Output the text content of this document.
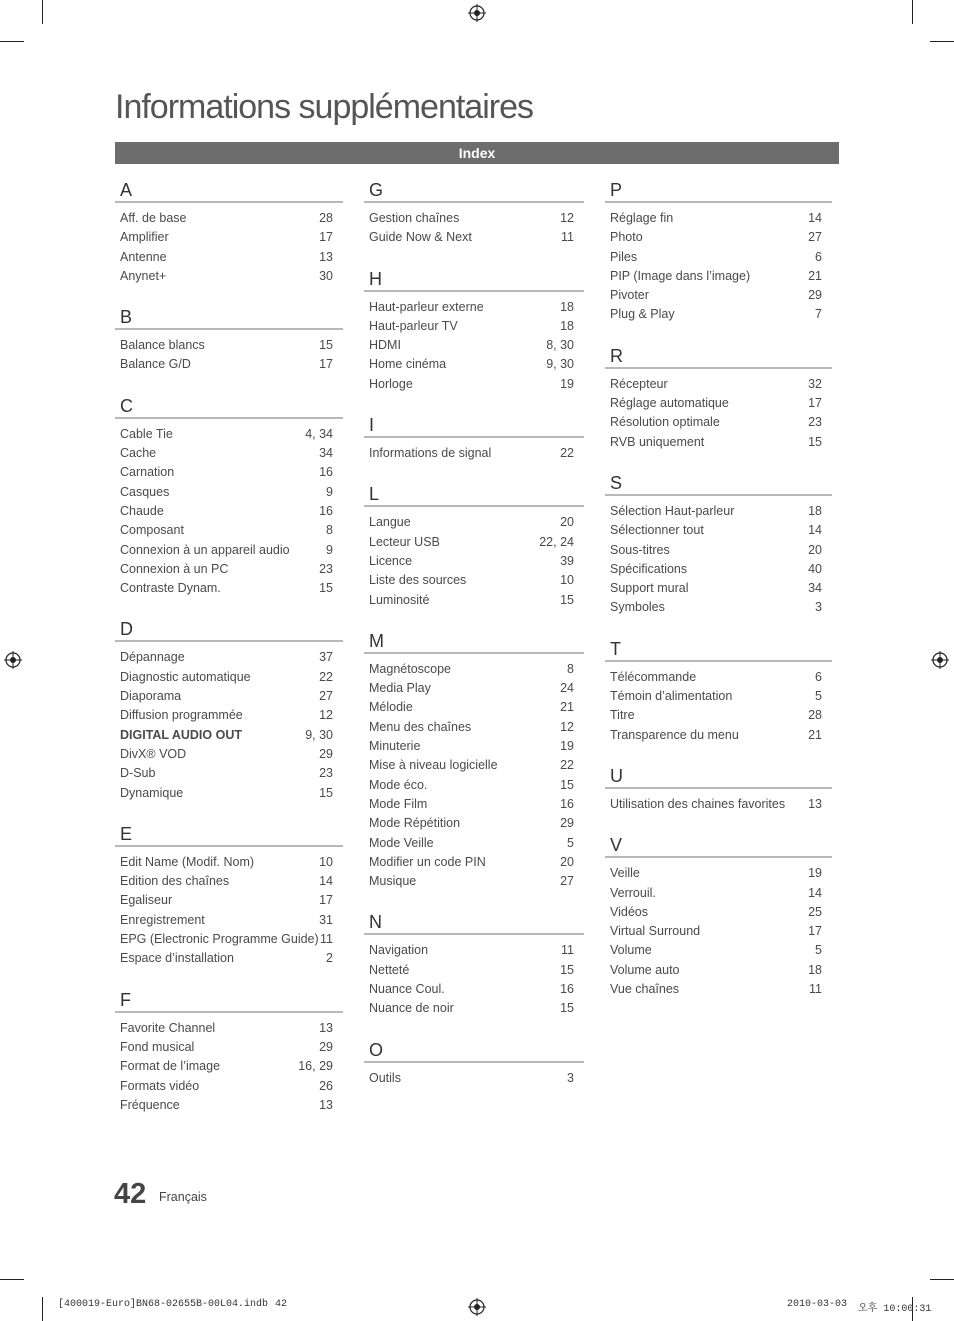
Informations supplémentaires
Index
A
Aff. de base	28
Amplifier	17
Antenne	13
Anynet+	30
B
Balance blancs	15
Balance G/D	17
C
Cable Tie	4, 34
Cache	34
Carnation	16
Casques	9
Chaude	16
Composant	8
Connexion à un appareil audio	9
Connexion à un PC	23
Contraste Dynam.	15
D
Dépannage	37
Diagnostic automatique	22
Diaporama	27
Diffusion programmée	12
DIGITAL AUDIO OUT	9, 30
DivX® VOD	29
D-Sub	23
Dynamique	15
E
Edit Name (Modif. Nom)	10
Edition des chaînes	14
Egaliseur	17
Enregistrement	31
EPG (Electronic Programme Guide) 11
Espace d’installation	2
F
Favorite Channel	13
Fond musical	29
Format de l’image	16, 29
Formats vidéo	26
Fréquence	13
G
Gestion chaînes	12
Guide Now & Next	11
H
Haut-parleur externe	18
Haut-parleur TV	18
HDMI	8, 30
Home cinéma	9, 30
Horloge	19
I
Informations de signal	22
L
Langue	20
Lecteur USB	22, 24
Licence	39
Liste des sources	10
Luminosité	15
M
Magnétoscope	8
Media Play	24
Mélodie	21
Menu des chaînes	12
Minuterie	19
Mise à niveau logicielle	22
Mode éco.	15
Mode Film	16
Mode Répétition	29
Mode Veille	5
Modifier un code PIN	20
Musique	27
N
Navigation	11
Netteté	15
Nuance Coul.	16
Nuance de noir	15
O
Outils	3
P
Réglage fin	14
Photo	27
Piles	6
PIP (Image dans l’image)	21
Pivoter	29
Plug & Play	7
R
Récepteur	32
Réglage automatique	17
Résolution optimale	23
RVB uniquement	15
S
Sélection Haut-parleur	18
Sélectionner tout	14
Sous-titres	20
Spécifications	40
Support mural	34
Symboles	3
T
Télécommande	6
Témoin d’alimentation	5
Titre	28
Transparence du menu	21
U
Utilisation des chaines favorites 13
V
Veille	19
Verrouil.	14
Vidéos	25
Virtual Surround	17
Volume	5
Volume auto	18
Vue chaînes	11
42 Français
[400019-Euro]BN68-02655B-00L04.indb 42	2010-03-03 오후 10:00:31
